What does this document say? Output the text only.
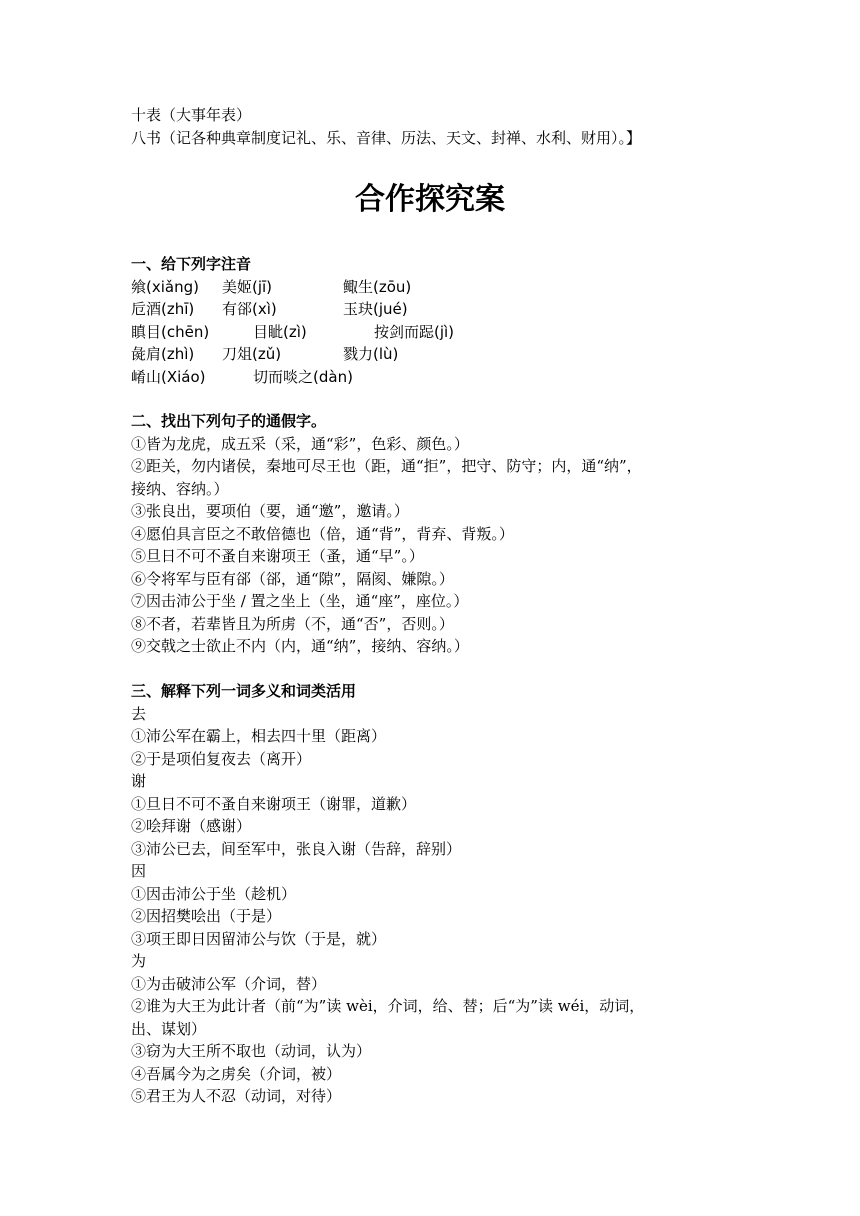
十表（大事年表）
八书（记各种典章制度记礼、乐、音律、历法、天文、封禅、水利、财用）。】
合作探究案
一、给下列字注音
飨(xiǎng) 美姬(jī)	鲰生(zōu)
卮酒(zhī) 有郤(xì)	玉玦(jué)
瞋目(chēn)	目眦(zì)	按剑而跽(jì)
彘肩(zhì) 刀俎(zǔ)	戮力(lù)
崤山(Xiáo)	切而啖之(dàn)
二、找出下列句子的通假字。
①皆为龙虎，成五采（采，通“彩”，色彩、颜色。）
②距关，勿内诸侯，秦地可尽王也（距，通“拒”，把守、防守；内，通“纳”，
接纳、容纳。）
③张良出，要项伯（要，通“邀”，邀请。）
④愿伯具言臣之不敢倍德也（倍，通“背”，背弃、背叛。）
⑤旦日不可不蚤自来谢项王（蚤，通“早”。）
⑥令将军与臣有郤（郤，通“隙”，隔阂、嫌隙。）
⑦因击沛公于坐 / 置之坐上（坐，通“座”，座位。）
⑧不者，若辈皆且为所虏（不，通“否”，否则。）
⑨交戟之士欲止不内（内，通“纳”，接纳、容纳。）
三、解释下列一词多义和词类活用
去
①沛公军在霸上，相去四十里（距离）
②于是项伯复夜去（离开）
谢
①旦日不可不蚤自来谢项王（谢罪，道歉）
②哙拜谢（感谢）
③沛公已去，间至军中，张良入谢（告辞，辞别）
因
①因击沛公于坐（趁机）
②因招樊哙出（于是）
③项王即日因留沛公与饮（于是，就）
为
①为击破沛公军（介词，替）
②谁为大王为此计者（前“为”读 wèi，介词，给、替；后“为”读 wéi，动词，
出、谋划）
③窃为大王所不取也（动词，认为）
④吾属今为之虏矣（介词，被）
⑤君王为人不忍（动词，对待）
